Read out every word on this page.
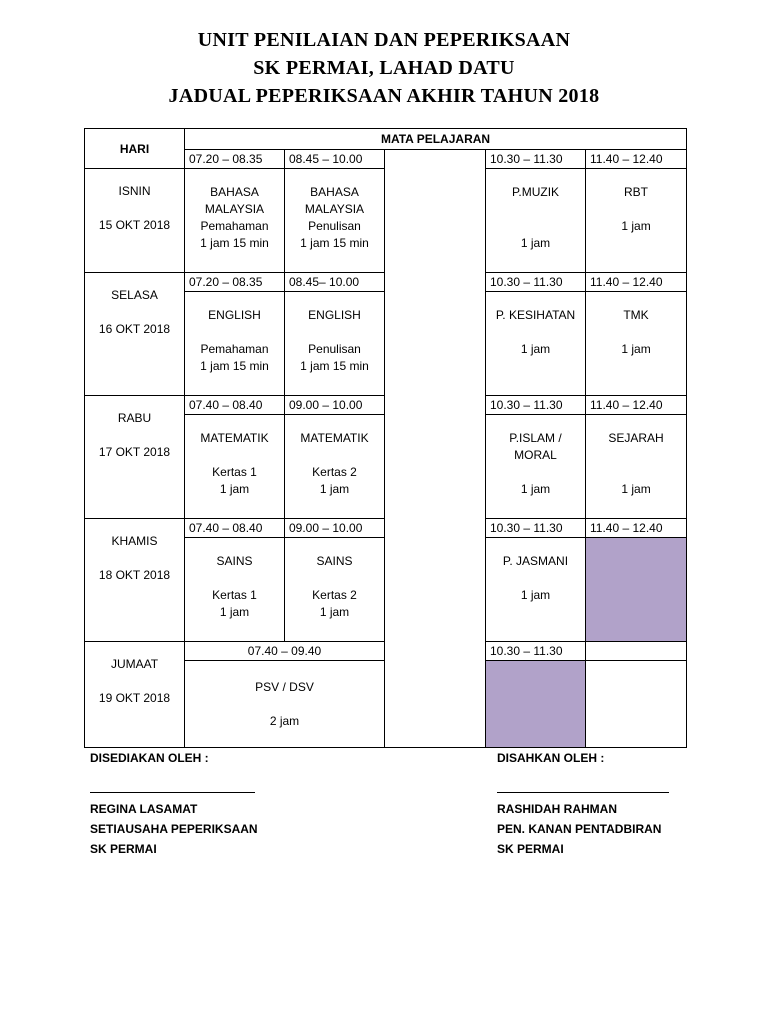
UNIT PENILAIAN DAN PEPERIKSAAN
SK PERMAI, LAHAD DATU
JADUAL PEPERIKSAAN AKHIR TAHUN 2018
HARI	MATA PELAJARAN				
	07.20 – 08.35	08.45 – 10.00		10.30 – 11.30	11.40 – 12.40

ISNIN
15 OKT 2018	BAHASA
MALAYSIA
Pemahaman
1 jam 15 min	BAHASA
MALAYSIA
Penulisan
1 jam 15 min		P.MUZIK
1 jam	RBT
1 jam

SELASA
16 OKT 2018	07.20 – 08.35	08.45– 10.00		10.30 – 11.30	11.40 – 12.40

	ENGLISH
Pemahaman
1 jam 15 min	ENGLISH
Penulisan
1 jam 15 min		P. KESIHATAN
1 jam	TMK
1 jam

RABU
17 OKT 2018	07.40 – 08.40	09.00 – 10.00		10.30 – 11.30	11.40 – 12.40

	MATEMATIK
Kertas 1
1 jam	MATEMATIK
Kertas 2
1 jam		P.ISLAM /
MORAL
1 jam	SEJARAH
1 jam

KHAMIS
18 OKT 2018	07.40 – 08.40	09.00 – 10.00		10.30 – 11.30	11.40 – 12.40

	SAINS
Kertas 1
1 jam	SAINS
Kertas 2
1 jam		P. JASMANI
1 jam	

JUMAAT
19 OKT 2018	07.40 – 09.40			10.30 – 11.30	

	PSV / DSV
2 jam				

DISEDIAKAN OLEH :
REGINA LASAMAT
SETIAUSAHA PEPERIKSAAN
SK PERMAI
DISAHKAN OLEH :
RASHIDAH RAHMAN
PEN. KANAN PENTADBIRAN
SK PERMAI
